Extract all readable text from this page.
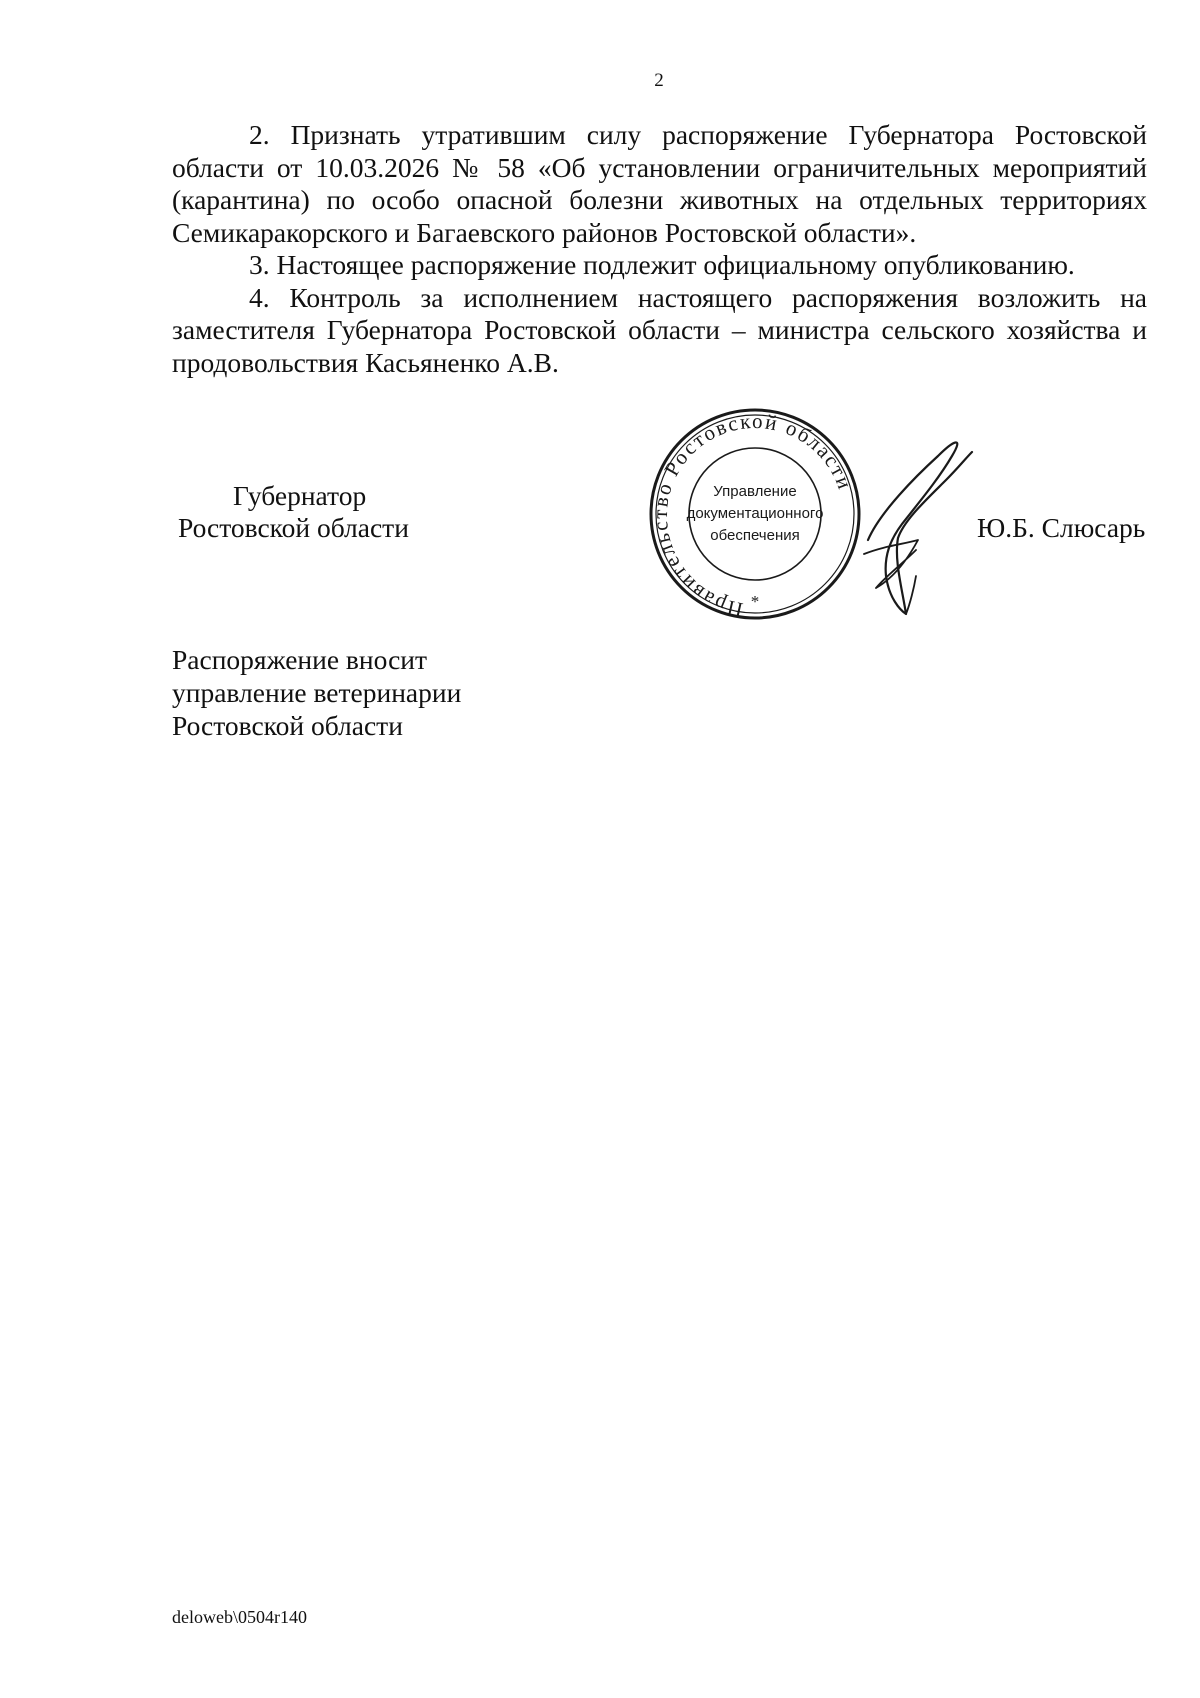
2

2. Признать утратившим силу распоряжение Губернатора Ростовской области от 10.03.2026 № 58 «Об установлении ограничительных мероприятий (карантина) по особо опасной болезни животных на отдельных территориях Семикаракорского и Багаевского районов Ростовской области».

3. Настоящее распоряжение подлежит официальному опубликованию.

4. Контроль за исполнением настоящего распоряжения возложить на заместителя Губернатора Ростовской области – министра сельского хозяйства и продовольствия Касьяненко А.В.

Губернатор
Ростовской области
Правительство Ростовской области
Управление
документационного
обеспечения
*
Ю.Б. Слюсарь
Распоряжение вносит
управление ветеринарии
Ростовской области
deloweb\0504r140
